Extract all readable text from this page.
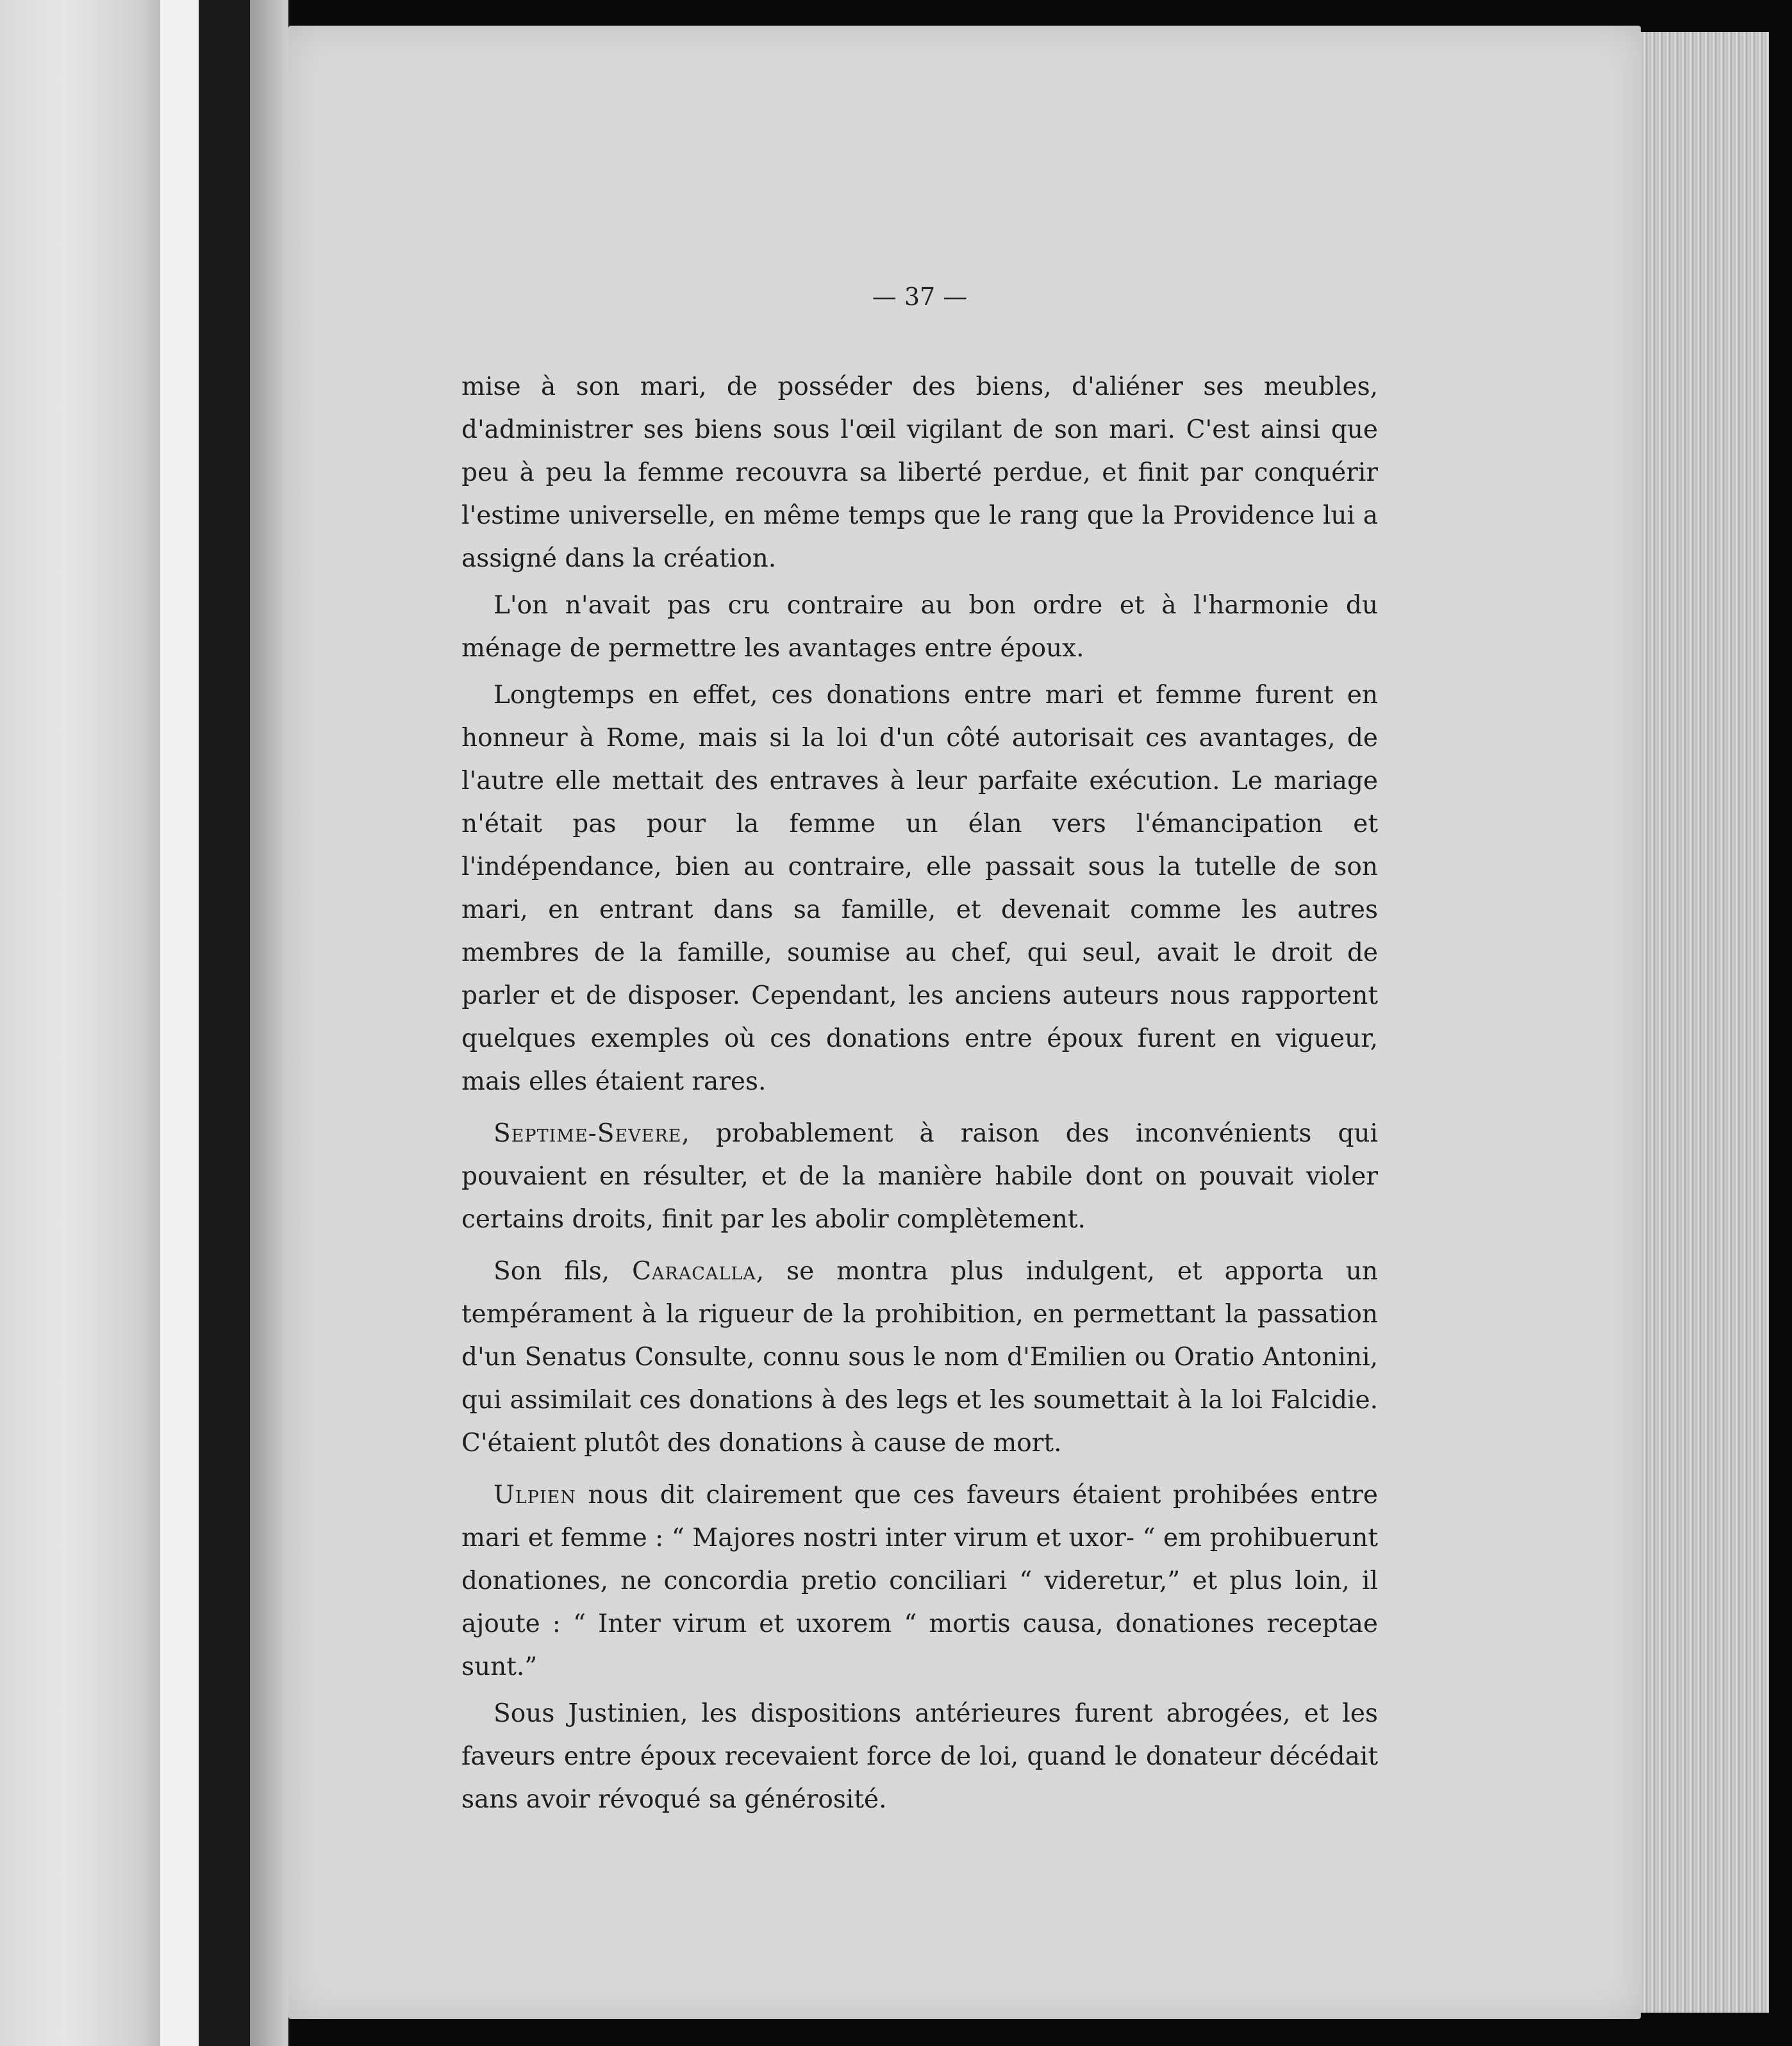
— 37 —

mise à son mari, de posséder des biens, d'aliéner ses meubles, d'administrer ses biens sous l'œil vigilant de son mari. C'est ainsi que peu à peu la femme recouvra sa liberté perdue, et finit par conquérir l'estime universelle, en même temps que le rang que la Providence lui a assigné dans la création.

L'on n'avait pas cru contraire au bon ordre et à l'harmonie du ménage de permettre les avantages entre époux.

Longtemps en effet, ces donations entre mari et femme furent en honneur à Rome, mais si la loi d'un côté autorisait ces avantages, de l'autre elle mettait des entraves à leur parfaite exécution. Le mariage n'était pas pour la femme un élan vers l'émancipation et l'indépendance, bien au contraire, elle passait sous la tutelle de son mari, en entrant dans sa famille, et devenait comme les autres membres de la famille, soumise au chef, qui seul, avait le droit de parler et de disposer. Cependant, les anciens auteurs nous rapportent quelques exemples où ces donations entre époux furent en vigueur, mais elles étaient rares.

Septime-Severe, probablement à raison des inconvénients qui pouvaient en résulter, et de la manière habile dont on pouvait violer certains droits, finit par les abolir complètement.

Son fils, Caracalla, se montra plus indulgent, et apporta un tempérament à la rigueur de la prohibition, en permettant la passation d'un Senatus Consulte, connu sous le nom d'Emilien ou Oratio Antonini, qui assimilait ces donations à des legs et les soumettait à la loi Falcidie. C'étaient plutôt des donations à cause de mort.

Ulpien nous dit clairement que ces faveurs étaient prohibées entre mari et femme : “ Majores nostri inter virum et uxor- “ em prohibuerunt donationes, ne concordia pretio conciliari “ videretur,” et plus loin, il ajoute : “ Inter virum et uxorem “ mortis causa, donationes receptae sunt.”

Sous Justinien, les dispositions antérieures furent abrogées, et les faveurs entre époux recevaient force de loi, quand le donateur décédait sans avoir révoqué sa générosité.
